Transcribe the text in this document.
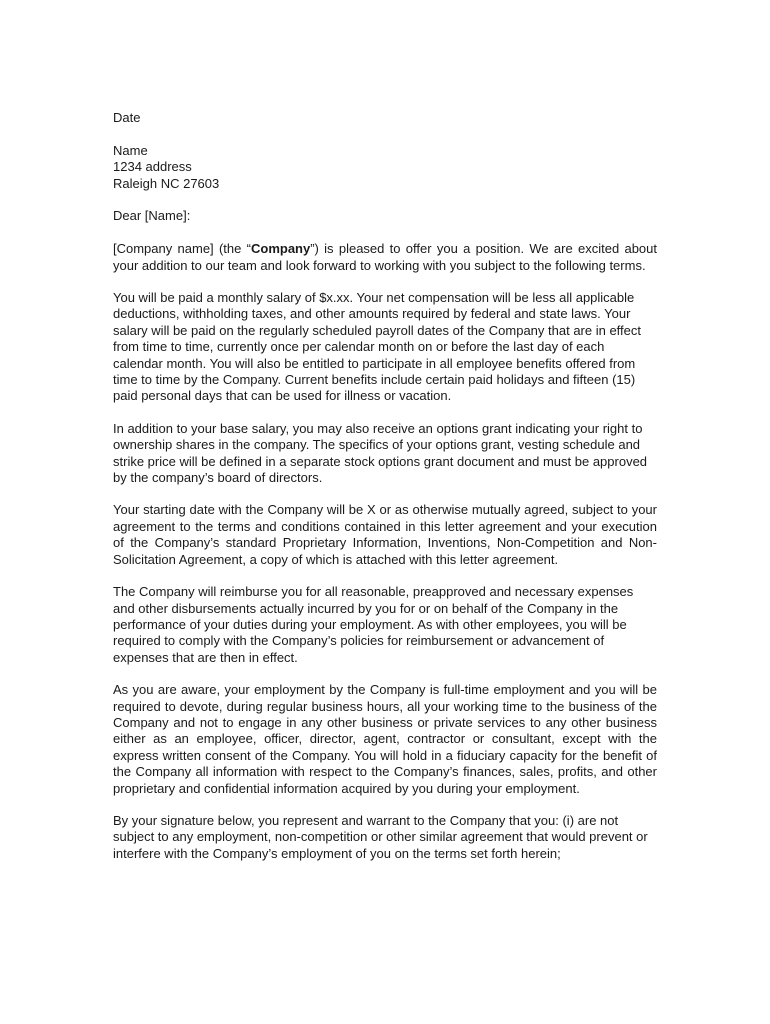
Date
Name
1234 address
Raleigh NC 27603
Dear [Name]:

[Company name] (the “Company”) is pleased to offer you a position. We are excited about your addition to our team and look forward to working with you subject to the following terms.

You will be paid a monthly salary of $x.xx. Your net compensation will be less all applicable deductions, withholding taxes, and other amounts required by federal and state laws. Your salary will be paid on the regularly scheduled payroll dates of the Company that are in effect from time to time, currently once per calendar month on or before the last day of each calendar month. You will also be entitled to participate in all employee benefits offered from time to time by the Company. Current benefits include certain paid holidays and fifteen (15) paid personal days that can be used for illness or vacation.

In addition to your base salary, you may also receive an options grant indicating your right to ownership shares in the company. The specifics of your options grant, vesting schedule and strike price will be defined in a separate stock options grant document and must be approved by the company’s board of directors.

Your starting date with the Company will be X or as otherwise mutually agreed, subject to your agreement to the terms and conditions contained in this letter agreement and your execution of the Company’s standard Proprietary Information, Inventions, Non-Competition and Non-Solicitation Agreement, a copy of which is attached with this letter agreement.

The Company will reimburse you for all reasonable, preapproved and necessary expenses and other disbursements actually incurred by you for or on behalf of the Company in the performance of your duties during your employment. As with other employees, you will be required to comply with the Company’s policies for reimbursement or advancement of expenses that are then in effect.

As you are aware, your employment by the Company is full-time employment and you will be required to devote, during regular business hours, all your working time to the business of the Company and not to engage in any other business or private services to any other business either as an employee, officer, director, agent, contractor or consultant, except with the express written consent of the Company. You will hold in a fiduciary capacity for the benefit of the Company all information with respect to the Company’s finances, sales, profits, and other proprietary and confidential information acquired by you during your employment.

By your signature below, you represent and warrant to the Company that you: (i) are not subject to any employment, non-competition or other similar agreement that would prevent or interfere with the Company’s employment of you on the terms set forth herein;
